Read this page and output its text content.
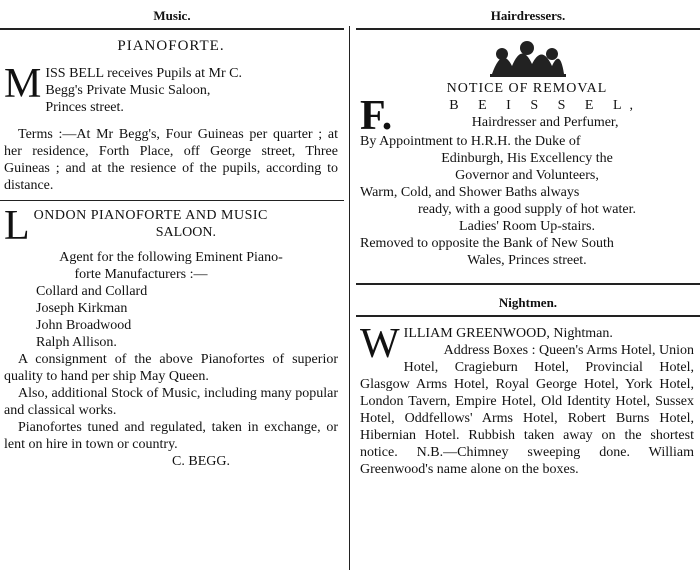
Music.
PIANOFORTE.
M ISS BELL receives Pupils at Mr C.
Begg's Private Music Saloon,
Princes street.
Terms :—At Mr Begg's, Four Guineas per quarter ; at her residence, Forth Place, off George street, Three Guineas ; and at the resience of the pupils, according to distance.
L ONDON PIANOFORTE AND MUSIC
SALOON.
Agent for the following Eminent Piano-
forte Manufacturers :—
Collard and Collard
Joseph Kirkman
John Broadwood
Ralph Allison.
A consignment of the above Pianofortes of superior quality to hand per ship May Queen.
Also, additional Stock of Music, including many popular and classical works.
Pianofortes tuned and regulated, taken in exchange, or lent on hire in town or country.
C. BEGG.
Hairdressers.
NOTICE OF REMOVAL
F.	B E I S S E L,
Hairdresser and Perfumer,
By Appointment to H.R.H. the Duke of
Edinburgh, His Excellency the
Governor and Volunteers,
Warm, Cold, and Shower Baths always
ready, with a good supply of hot water.
Ladies' Room Up-stairs.
Removed to opposite the Bank of New South
Wales, Princes street.
Nightmen.
W ILLIAM GREENWOOD, Nightman.
Address Boxes : Queen's Arms Hotel, Union Hotel, Cragieburn Hotel, Provincial Hotel, Glasgow Arms Hotel, Royal George Hotel, York Hotel, London Tavern, Empire Hotel, Old Identity Hotel, Sussex Hotel, Oddfellows' Arms Hotel, Robert Burns Hotel, Hibernian Hotel. Rubbish taken away on the shortest notice. N.B.—Chimney sweeping done. William Greenwood's name alone on the boxes.
